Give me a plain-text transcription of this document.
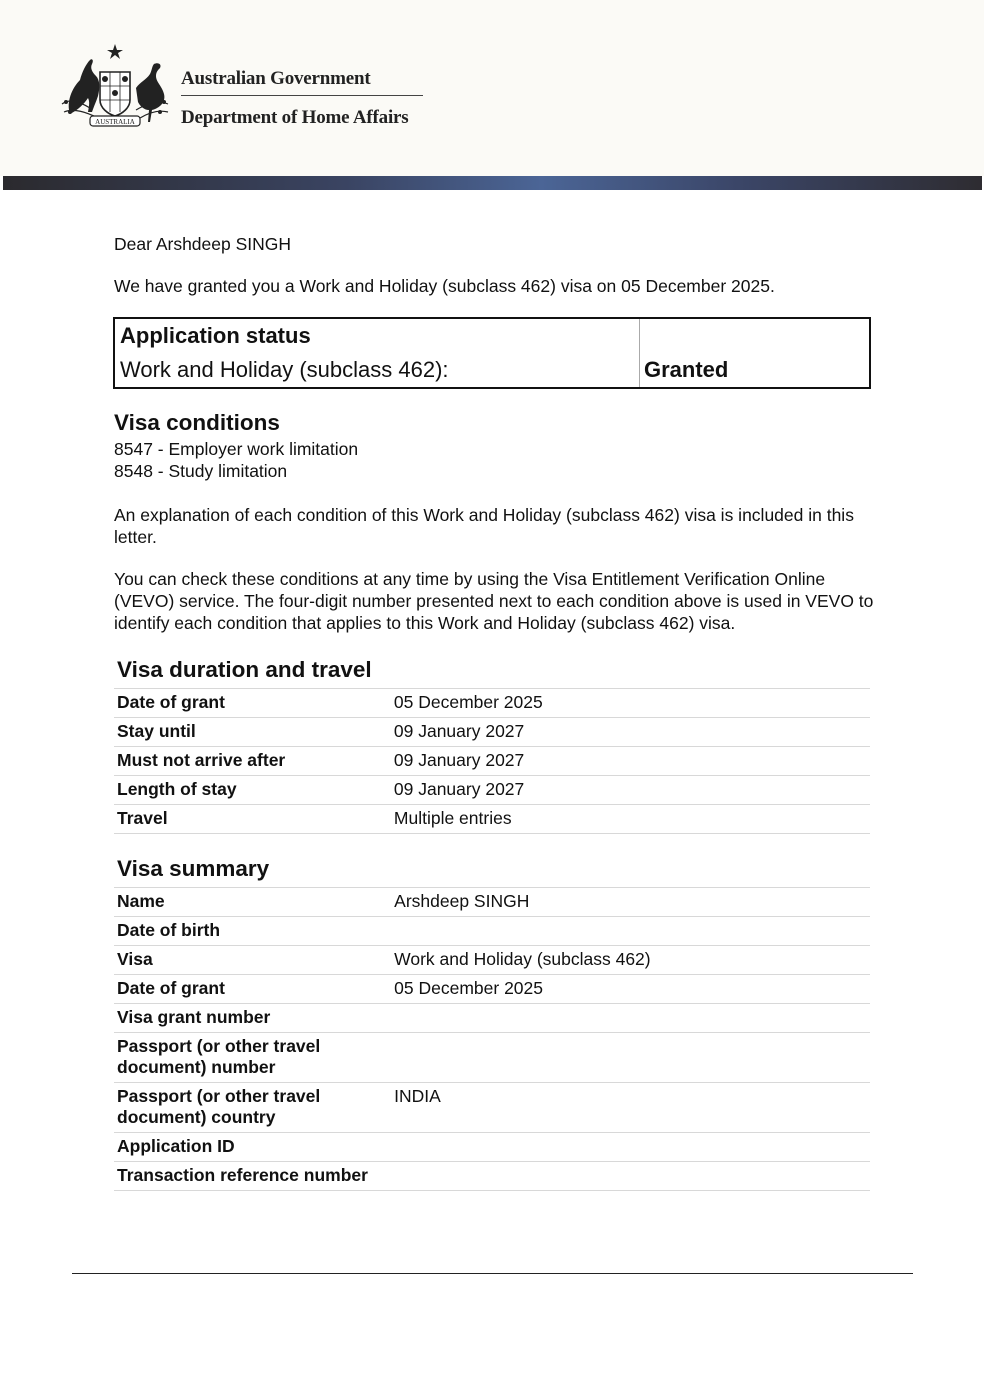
AUSTRALIA
Australian Government
Department of Home Affairs

Dear Arshdeep SINGH

We have granted you a Work and Holiday (subclass 462) visa on 05 December 2025.

Application status
Work and Holiday (subclass 462):	Granted
Visa conditions
8547 - Employer work limitation
8548 - Study limitation

An explanation of each condition of this Work and Holiday (subclass 462) visa is included in this letter.

You can check these conditions at any time by using the Visa Entitlement Verification Online (VEVO) service. The four-digit number presented next to each condition above is used in VEVO to identify each condition that applies to this Work and Holiday (subclass 462) visa.

Visa duration and travel
Date of grant	05 December 2025
Stay until	09 January 2027
Must not arrive after	09 January 2027
Length of stay	09 January 2027
Travel	Multiple entries
Visa summary
Name	Arshdeep SINGH
Date of birth	
Visa	Work and Holiday (subclass 462)
Date of grant	05 December 2025
Visa grant number	
Passport (or other travel document) number	
Passport (or other travel document) country	INDIA
Application ID	
Transaction reference number	
